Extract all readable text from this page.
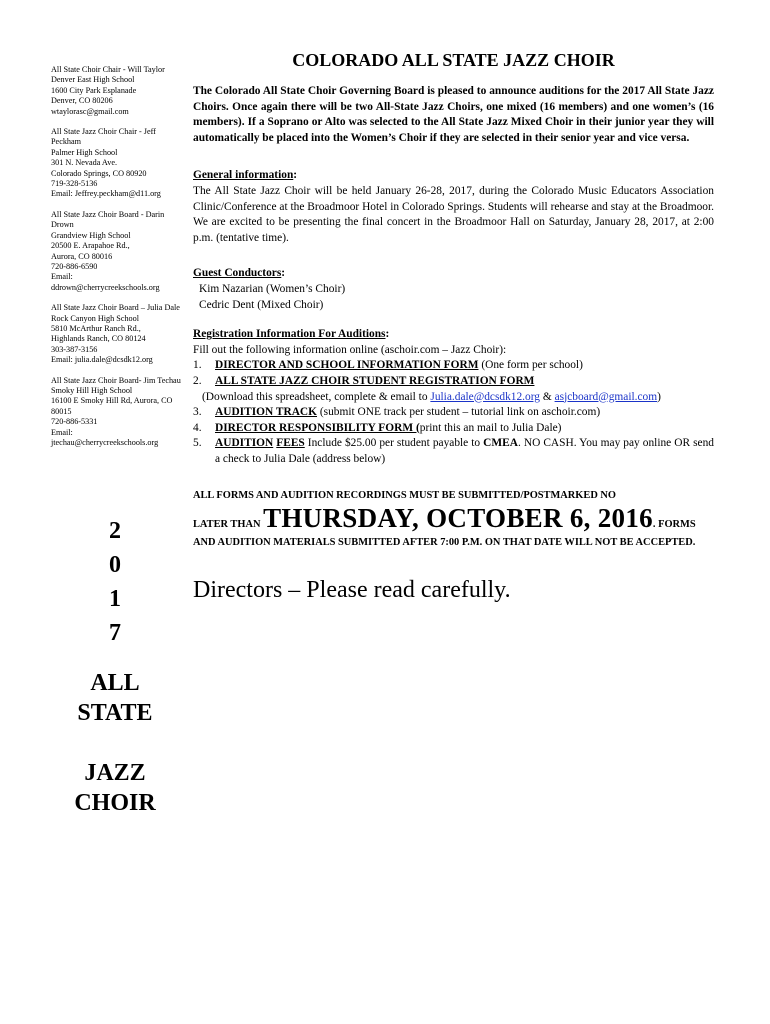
All State Choir Chair - Will Taylor
Denver East High School
1600 City Park Esplanade
Denver, CO 80206
wtaylorasc@gmail.com
All State Jazz Choir Chair - Jeff Peckham
Palmer High School
301 N. Nevada Ave.
Colorado Springs, CO 80920
719-328-5136
Email: Jeffrey.peckham@d11.org
All State Jazz Choir Board - Darin Drown
Grandview High School
20500 E. Arapahoe Rd.,
Aurora, CO 80016
720-886-6590
Email:
ddrown@cherrycreekschools.org
All State Jazz Choir Board – Julia Dale
Rock Canyon High School
5810 McArthur Ranch Rd.,
Highlands Ranch, CO 80124
303-387-3156
Email: julia.dale@dcsdk12.org
All State Jazz Choir Board- Jim Techau
Smoky Hill High School
16100 E Smoky Hill Rd, Aurora, CO 80015
720-886-5331
Email:
jtechau@cherrycreekschools.org
2
0
1
7
ALL
STATE
JAZZ
CHOIR
COLORADO ALL STATE JAZZ CHOIR

The Colorado All State Choir Governing Board is pleased to announce auditions for the 2017 All State Jazz Choirs. Once again there will be two All-State Jazz Choirs, one mixed (16 members) and one women’s (16 members). If a Soprano or Alto was selected to the All State Jazz Mixed Choir in their junior year they will automatically be placed into the Women’s Choir if they are selected in their senior year and vice versa.

General information:

The All State Jazz Choir will be held January 26-28, 2017, during the Colorado Music Educators Association Clinic/Conference at the Broadmoor Hotel in Colorado Springs. Students will rehearse and stay at the Broadmoor. We are excited to be presenting the final concert in the Broadmoor Hall on Saturday, January 28, 2017, at 2:00 p.m. (tentative time).

Guest Conductors:
Kim Nazarian (Women’s Choir)
Cedric Dent (Mixed Choir)
Registration Information For Auditions:
Fill out the following information online (aschoir.com – Jazz Choir):
1.	DIRECTOR AND SCHOOL INFORMATION FORM (One form per school)
2.	ALL STATE JAZZ CHOIR STUDENT REGISTRATION FORM
(Download this spreadsheet, complete & email to Julia.dale@dcsdk12.org & asjcboard@gmail.com)
3.	AUDITION TRACK (submit ONE track per student – tutorial link on aschoir.com)
4.	DIRECTOR RESPONSIBILITY FORM (print this an mail to Julia Dale)
5.	AUDITION FEES Include $25.00 per student payable to CMEA. NO CASH. You may pay online OR send a check to Julia Dale (address below)
ALL FORMS AND AUDITION RECORDINGS MUST BE SUBMITTED/POSTMARKED NO
LATER THAN THURSDAY, OCTOBER 6, 2016. FORMS
AND AUDITION MATERIALS SUBMITTED AFTER 7:00 P.M. ON THAT DATE WILL NOT BE ACCEPTED.
Directors – Please read carefully.
